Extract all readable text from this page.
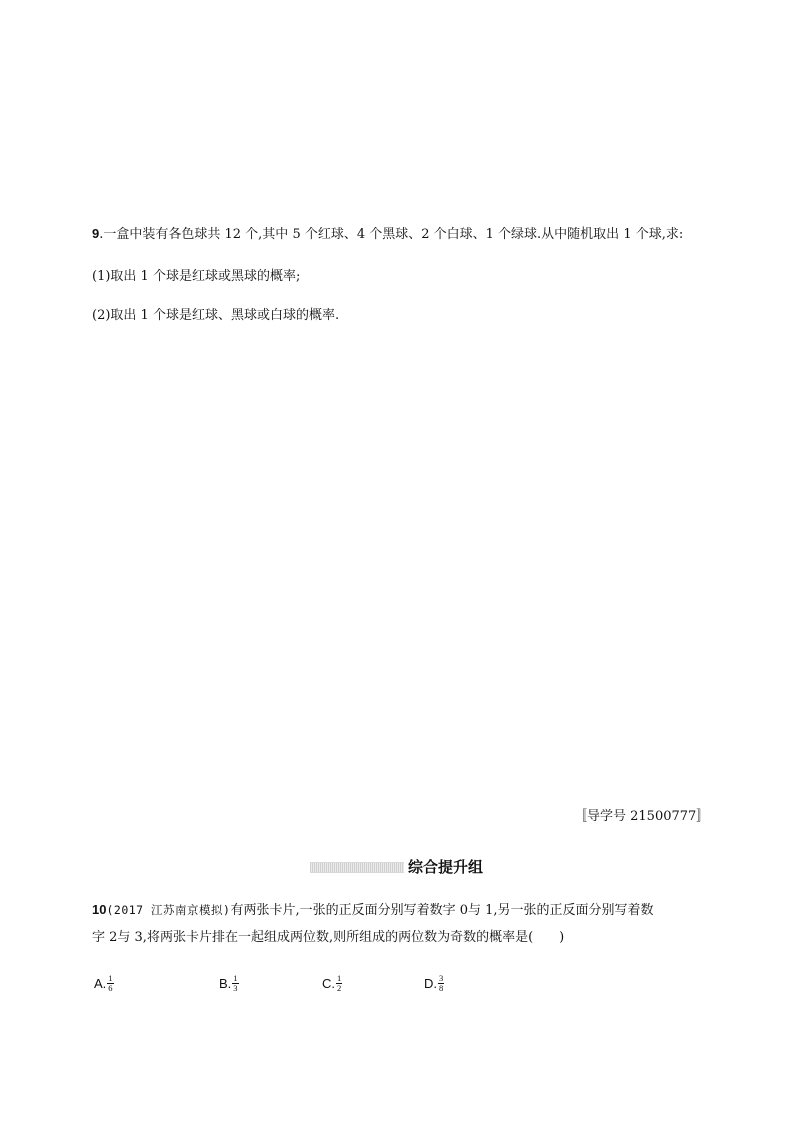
9.一盒中装有各色球共 12 个,其中 5 个红球、4 个黑球、2 个白球、1 个绿球.从中随机取出 1 个球,求:
(1)取出 1 个球是红球或黑球的概率;
(2)取出 1 个球是红球、黑球或白球的概率.
〚导学号 21500777〛
综合提升组
10(2017 江苏南京模拟)有两张卡片,一张的正反面分别写着数字 0与 1,另一张的正反面分别写着数
字 2与 3,将两张卡片排在一起组成两位数,则所组成的两位数为奇数的概率是(　　)
A. $\frac{1}{6}$	B. $\frac{1}{3}$	C. $\frac{1}{2}$	D. $\frac{3}{8}$
